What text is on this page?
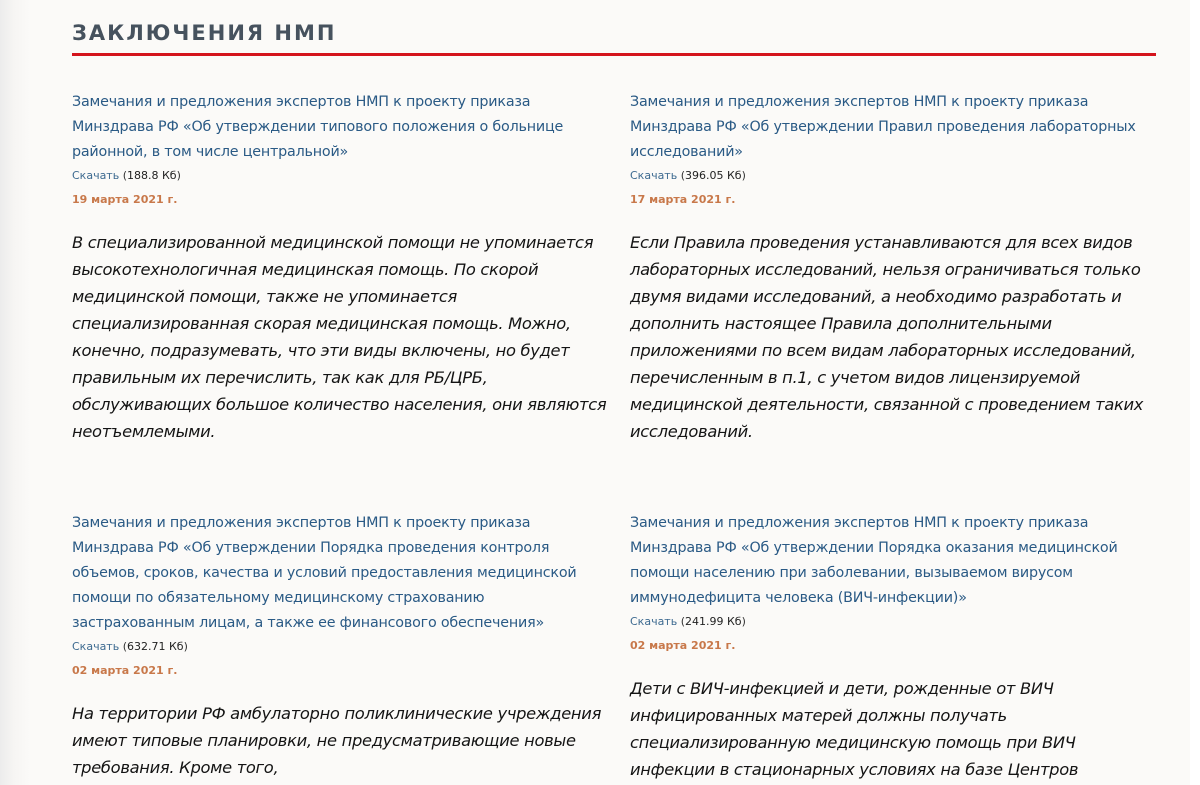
ЗАКЛЮЧЕНИЯ НМП
Замечания и предложения экспертов НМП к проекту приказа Минздрава РФ «Об утверждении типового положения о больнице районной, в том числе центральной»
Скачать (188.8 Кб)
19 марта 2021 г.

В специализированной медицинской помощи не упоминается высокотехнологичная медицинская помощь. По скорой медицинской помощи, также не упоминается специализированная скорая медицинская помощь. Можно, конечно, подразумевать, что эти виды включены, но будет правильным их перечислить, так как для РБ/ЦРБ, обслуживающих большое количество населения, они являются неотъемлемыми.

Замечания и предложения экспертов НМП к проекту приказа Минздрава РФ «Об утверждении Правил проведения лабораторных исследований»
Скачать (396.05 Кб)
17 марта 2021 г.

Если Правила проведения устанавливаются для всех видов лабораторных исследований, нельзя ограничиваться только двумя видами исследований, а необходимо разработать и дополнить настоящее Правила дополнительными приложениями по всем видам лабораторных исследований, перечисленным в п.1, с учетом видов лицензируемой медицинской деятельности, связанной с проведением таких исследований.

Замечания и предложения экспертов НМП к проекту приказа Минздрава РФ «Об утверждении Порядка проведения контроля объемов, сроков, качества и условий предоставления медицинской помощи по обязательному медицинскому страхованию застрахованным лицам, а также ее финансового обеспечения»
Скачать (632.71 Кб)
02 марта 2021 г.

На территории РФ амбулаторно поликлинические учреждения имеют типовые планировки, не предусматривающие новые требования. Кроме того,

Замечания и предложения экспертов НМП к проекту приказа Минздрава РФ «Об утверждении Порядка оказания медицинской помощи населению при заболевании, вызываемом вирусом иммунодефицита человека (ВИЧ-инфекции)»
Скачать (241.99 Кб)
02 марта 2021 г.

Дети с ВИЧ-инфекцией и дети, рожденные от ВИЧ инфицированных матерей должны получать специализированную медицинскую помощь при ВИЧ инфекции в стационарных условиях на базе Центров
